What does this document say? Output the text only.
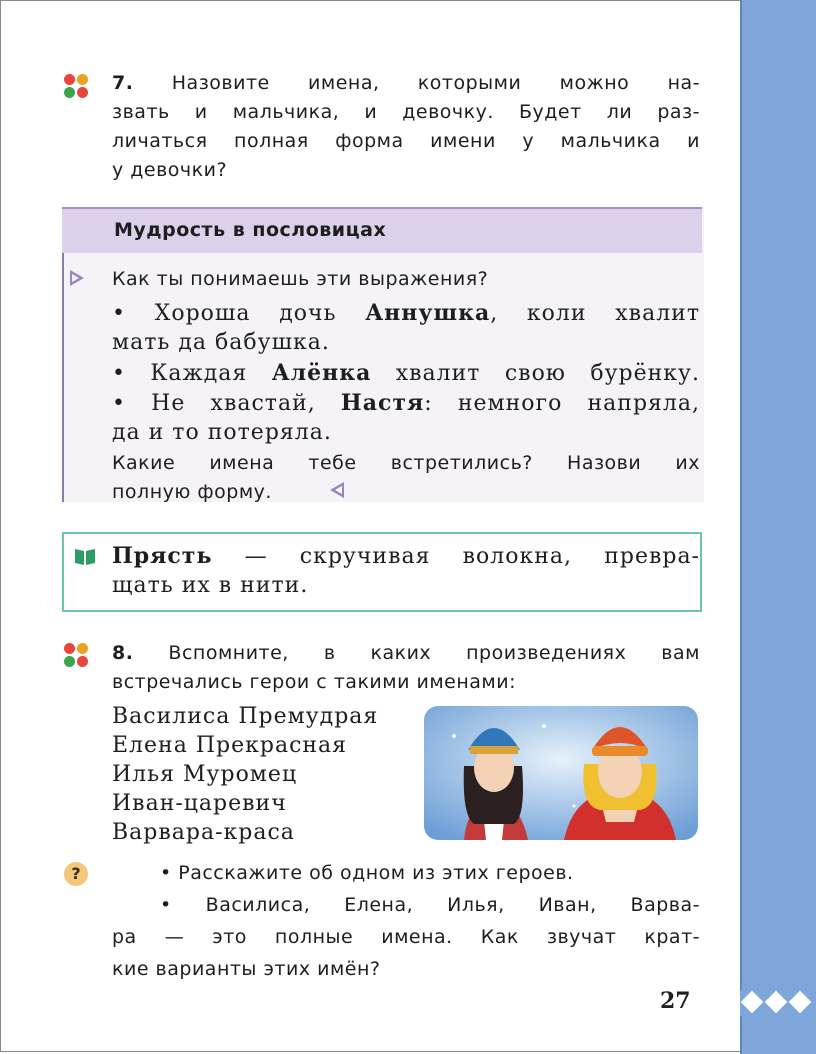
7. Назовите имена, которыми можно на-
звать и мальчика, и девочку. Будет ли раз-
личаться полная форма имени у мальчика и
у девочки?
Мудрость в пословицах
Как ты понимаешь эти выражения?
• Хороша дочь Аннушка, коли хвалит
мать да бабушка.
• Каждая Алёнка хвалит свою бурёнку.
• Не хвастай, Настя: немного напряла,
да и то потеряла.
Какие имена тебе встретились? Назови их
полную форму.
Прясть — скручивая волокна, превра-
щать их в нити.
8. Вспомните, в каких произведениях вам
встречались герои с такими именами:
Василиса Премудрая
Елена Прекрасная
Илья Муромец
Иван-царевич
Варвара-краса
?	• Расскажите об одном из этих героев.
• Василиса, Елена, Илья, Иван, Варва-
ра — это полные имена. Как звучат крат-
кие варианты этих имён?
27
